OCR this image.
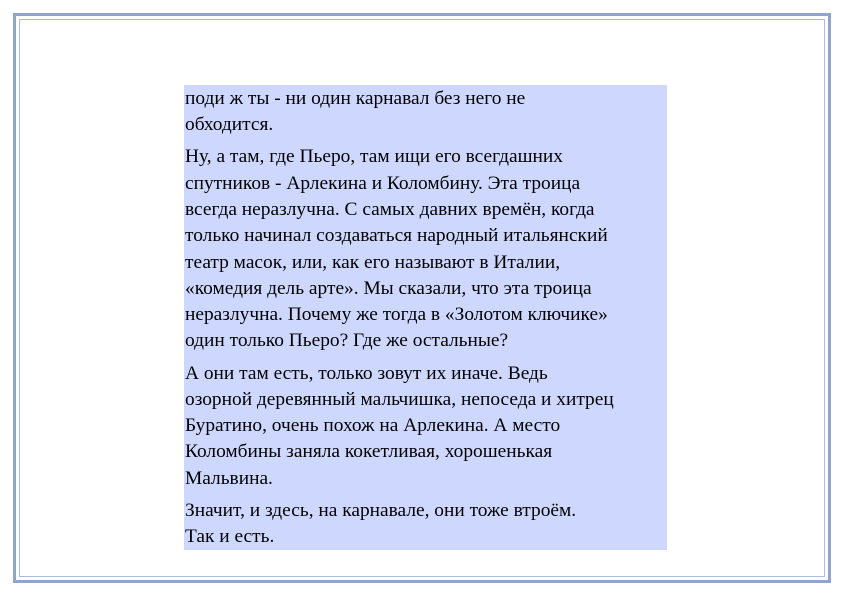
поди ж ты - ни один карнавал без него не
обходится.

Ну, а там, где Пьеро, там ищи его всегдашних
спутников - Арлекина и Коломбину. Эта троица
всегда неразлучна. С самых давних времён, когда
только начинал создаваться народный итальянский
театр масок, или, как его называют в Италии,
«комедия дель арте». Мы сказали, что эта троица
неразлучна. Почему же тогда в «Золотом ключике»
один только Пьеро? Где же остальные?

А они там есть, только зовут их иначе. Ведь
озорной деревянный мальчишка, непоседа и хитрец
Буратино, очень похож на Арлекина. А место
Коломбины заняла кокетливая, хорошенькая
Мальвина.

Значит, и здесь, на карнавале, они тоже втроём.
Так и есть.
